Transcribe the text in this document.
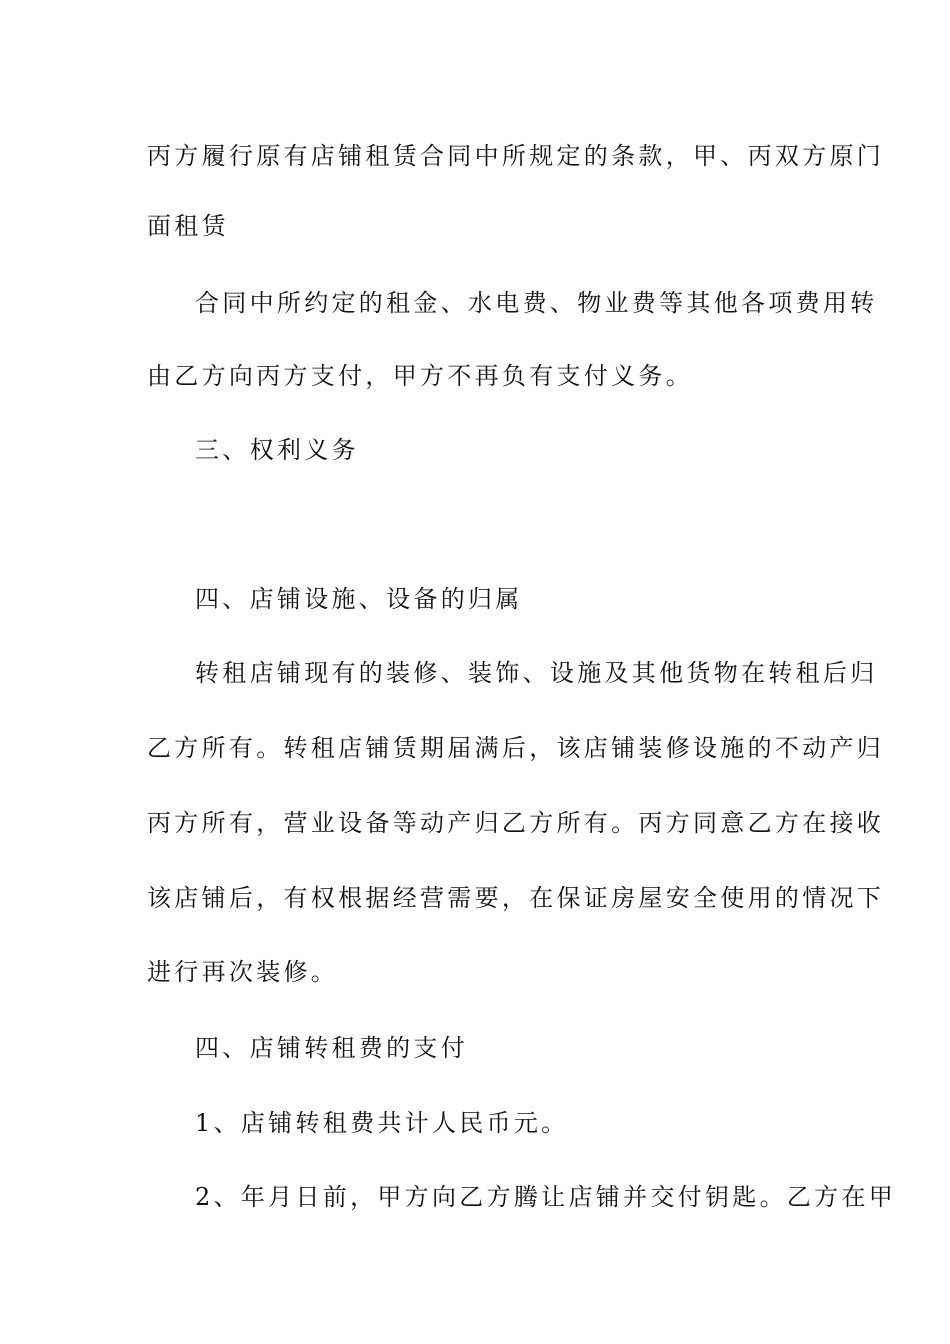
丙方履行原有店铺租赁合同中所规定的条款，甲、丙双方原门
面租赁
合同中所约定的租金、水电费、物业费等其他各项费用转
由乙方向丙方支付，甲方不再负有支付义务。
三、权利义务
四、店铺设施、设备的归属
转租店铺现有的装修、装饰、设施及其他货物在转租后归
乙方所有。转租店铺赁期届满后，该店铺装修设施的不动产归
丙方所有，营业设备等动产归乙方所有。丙方同意乙方在接收
该店铺后，有权根据经营需要，在保证房屋安全使用的情况下
进行再次装修。
四、店铺转租费的支付
1、店铺转租费共计人民币元。
2、年月日前，甲方向乙方腾让店铺并交付钥匙。乙方在甲
